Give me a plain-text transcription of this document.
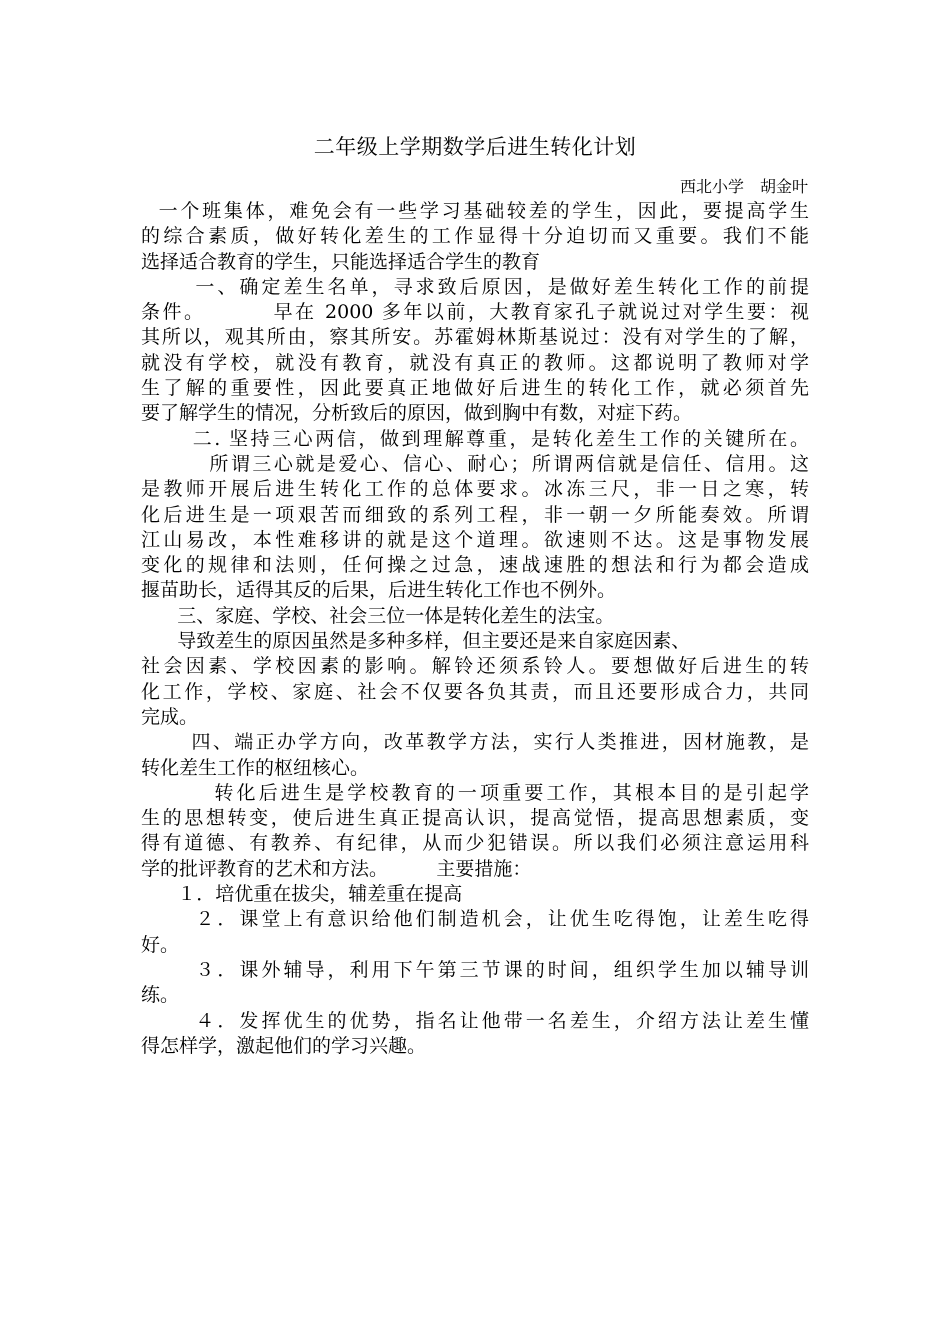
二年级上学期数学后进生转化计划
西北小学　胡金叶
一个班集体，难免会有一些学习基础较差的学生，因此，要提高学生
的综合素质，做好转化差生的工作显得十分迫切而又重要。我们不能
选择适合教育的学生，只能选择适合学生的教育
一、确定差生名单，寻求致后原因，是做好差生转化工作的前提
条件。        早在 2000 多年以前，大教育家孔子就说过对学生要：视
其所以，观其所由，察其所安。苏霍姆林斯基说过：没有对学生的了解，
就没有学校，就没有教育，就没有真正的教师。这都说明了教师对学
生了解的重要性，因此要真正地做好后进生的转化工作，就必须首先
要了解学生的情况，分析致后的原因，做到胸中有数，对症下药。
二. 坚持三心两信，做到理解尊重，是转化差生工作的关键所在。
所谓三心就是爱心、信心、耐心；所谓两信就是信任、信用。这
是教师开展后进生转化工作的总体要求。冰冻三尺，非一日之寒，转
化后进生是一项艰苦而细致的系列工程，非一朝一夕所能奏效。所谓
江山易改，本性难移讲的就是这个道理。欲速则不达。这是事物发展
变化的规律和法则，任何操之过急，速战速胜的想法和行为都会造成
揠苗助长，适得其反的后果，后进生转化工作也不例外。
三、家庭、学校、社会三位一体是转化差生的法宝。
导致差生的原因虽然是多种多样，但主要还是来自家庭因素、
社会因素、学校因素的影响。解铃还须系铃人。要想做好后进生的转
化工作，学校、家庭、社会不仅要各负其责，而且还要形成合力，共同
完成。
四、端正办学方向，改革教学方法，实行人类推进，因材施教，是
转化差生工作的枢纽核心。
转化后进生是学校教育的一项重要工作，其根本目的是引起学
生的思想转变，使后进生真正提高认识，提高觉悟，提高思想素质，变
得有道德、有教养、有纪律，从而少犯错误。所以我们必须注意运用科
学的批评教育的艺术和方法。        主要措施：
１．培优重在拔尖，辅差重在提高
２．课堂上有意识给他们制造机会，让优生吃得饱，让差生吃得
好。
３．课外辅导，利用下午第三节课的时间，组织学生加以辅导训
练。
４．发挥优生的优势，指名让他带一名差生，介绍方法让差生懂
得怎样学，激起他们的学习兴趣。
